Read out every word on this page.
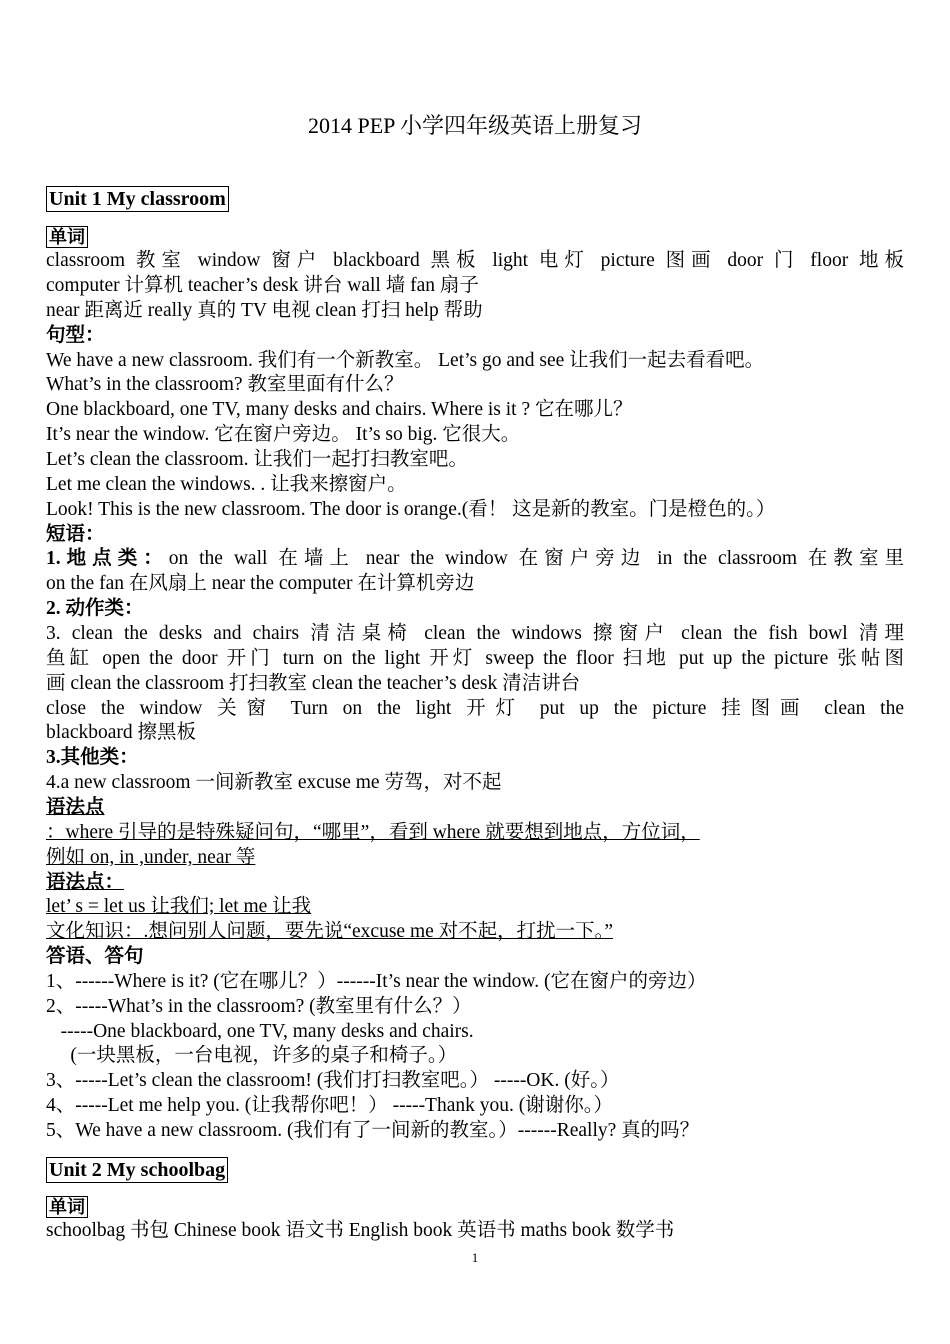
2014 PEP 小学四年级英语上册复习
Unit 1 My classroom
单词
classroom 教室 window 窗户 blackboard 黑板 light 电灯 picture 图画 door 门 floor 地板
computer 计算机 teacher’s desk 讲台 wall 墙 fan 扇子
near 距离近 really 真的 TV 电视 clean 打扫 help 帮助
句型：
We have a new classroom. 我们有一个新教室。 Let’s go and see 让我们一起去看看吧。
What’s in the classroom? 教室里面有什么？
One blackboard, one TV, many desks and chairs. Where is it ? 它在哪儿？
It’s near the window. 它在窗户旁边。 It’s so big. 它很大。
Let’s clean the classroom. 让我们一起打扫教室吧。
Let me clean the windows. . 让我来擦窗户。
Look! This is the new classroom. The door is orange.(看！ 这是新的教室。门是橙色的。）
短语：
1.地点类：on the wall 在墙上 near the window 在窗户旁边 in the classroom 在教室里
on the fan 在风扇上 near the computer 在计算机旁边
2. 动作类：
3. clean the desks and chairs 清洁桌椅 clean the windows 擦窗户 clean the fish bowl 清理
鱼缸 open the door 开门 turn on the light 开灯 sweep the floor 扫地 put up the picture 张帖图
画 clean the classroom 打扫教室 clean the teacher’s desk 清洁讲台
close the window 关窗 Turn on the light 开灯 put up the picture 挂图画 clean the
blackboard 擦黑板
3.其他类：
4.a new classroom 一间新教室 excuse me 劳驾，对不起
语法点
：where 引导的是特殊疑问句，“哪里”，看到 where 就要想到地点，方位词，
例如 on, in ,under, near 等
语法点：
let’ s = let us 让我们; let me 让我
文化知识：.想问别人问题，要先说“excuse me 对不起，打扰一下。”
答语、答句
1、------Where is it? (它在哪儿？）------It’s near the window. (它在窗户的旁边）
2、-----What’s in the classroom? (教室里有什么？）
-----One blackboard, one TV, many desks and chairs.
(一块黑板，一台电视，许多的桌子和椅子。）
3、-----Let’s clean the classroom! (我们打扫教室吧。） -----OK. (好。）
4、-----Let me help you. (让我帮你吧！） -----Thank you. (谢谢你。）
5、We have a new classroom. (我们有了一间新的教室。）------Really? 真的吗？
Unit 2 My schoolbag
单词
schoolbag 书包 Chinese book 语文书 English book 英语书 maths book 数学书
1
